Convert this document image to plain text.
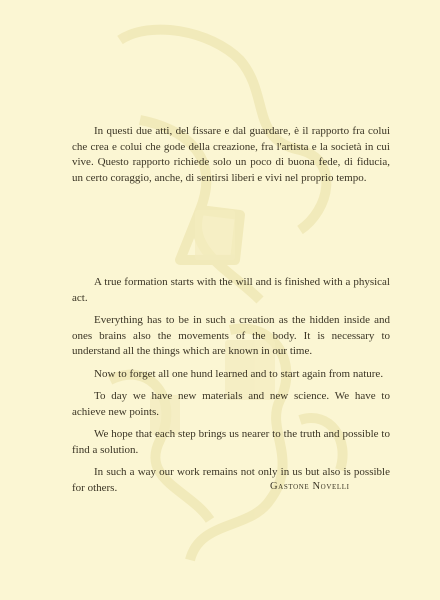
In questi due atti, del fissare e dal guardare, è il rapporto fra colui che crea e colui che gode della creazione, fra l'artista e la società in cui vive. Questo rapporto richiede solo un poco di buona fede, di fiducia, un certo coraggio, anche, di sentirsi liberi e vivi nel proprio tempo.

A true formation starts with the will and is finished with a physical act.

Everything has to be in such a creation as the hidden inside and ones brains also the movements of the body. It is necessary to understand all the things which are known in our time.

Now to forget all one hund learned and to start again from nature.

To day we have new materials and new science. We have to achieve new points.

We hope that each step brings us nearer to the truth and possible to find a solution.

In such a way our work remains not only in us but also is possible for others.	Gastone Novelli
